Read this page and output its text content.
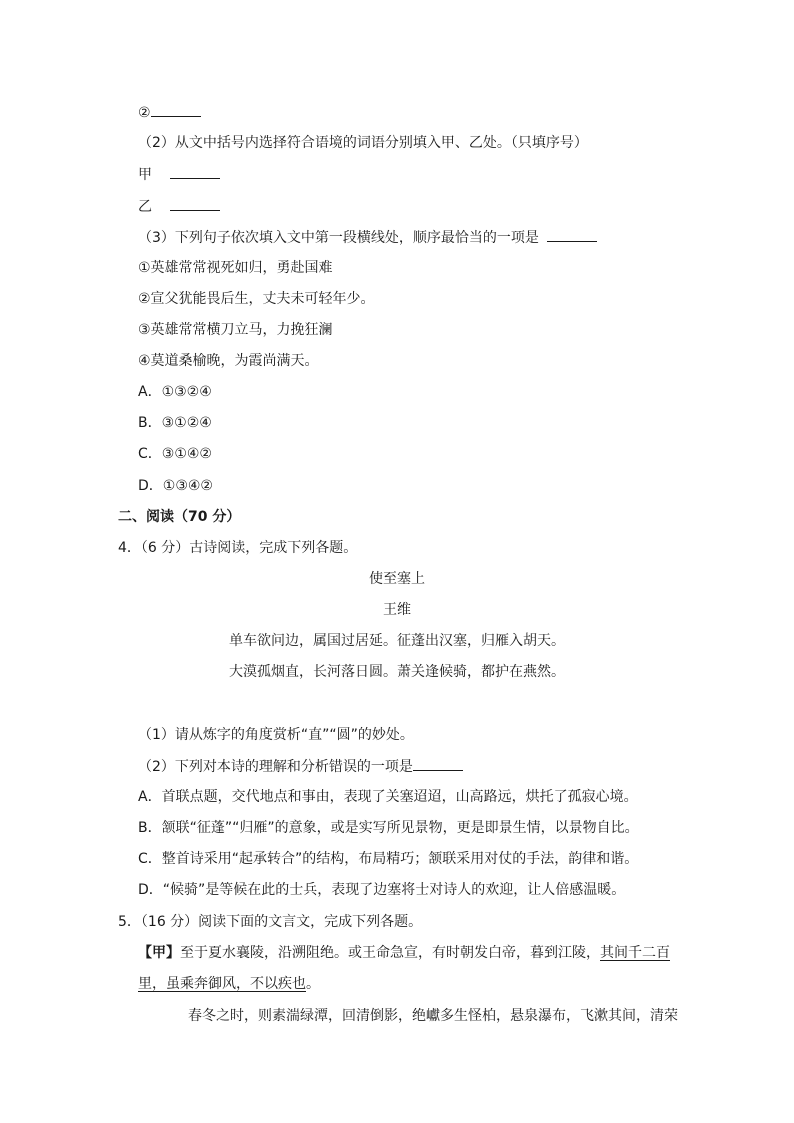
②
（2）从文中括号内选择符合语境的词语分别填入甲、乙处。（只填序号）
甲
乙
（3）下列句子依次填入文中第一段横线处，顺序最恰当的一项是
①英雄常常视死如归，勇赴国难
②宣父犹能畏后生，丈夫未可轻年少。
③英雄常常横刀立马，力挽狂澜
④莫道桑榆晚，为霞尚满天。
A．①③②④
B．③①②④
C．③①④②
D．①③④②
二、阅读（70 分）
4．（6 分）古诗阅读，完成下列各题。
使至塞上
王维
单车欲问边，属国过居延。征蓬出汉塞，归雁入胡天。
大漠孤烟直，长河落日圆。萧关逢候骑，都护在燕然。
（1）请从炼字的角度赏析“直”“圆”的妙处。
（2）下列对本诗的理解和分析错误的一项是
A．首联点题，交代地点和事由，表现了关塞迢迢，山高路远，烘托了孤寂心境。
B．颔联“征蓬”“归雁”的意象，或是实写所见景物，更是即景生情，以景物自比。
C．整首诗采用“起承转合”的结构，布局精巧；颔联采用对仗的手法，韵律和谐。
D．“候骑”是等候在此的士兵，表现了边塞将士对诗人的欢迎，让人倍感温暖。
5．（16 分）阅读下面的文言文，完成下列各题。
【甲】至于夏水襄陵，沿溯阻绝。或王命急宣，有时朝发白帝，暮到江陵，其间千二百
里，虽乘奔御风，不以疾也。
春冬之时，则素湍绿潭，回清倒影，绝巘多生怪柏，悬泉瀑布，飞漱其间，清荣
